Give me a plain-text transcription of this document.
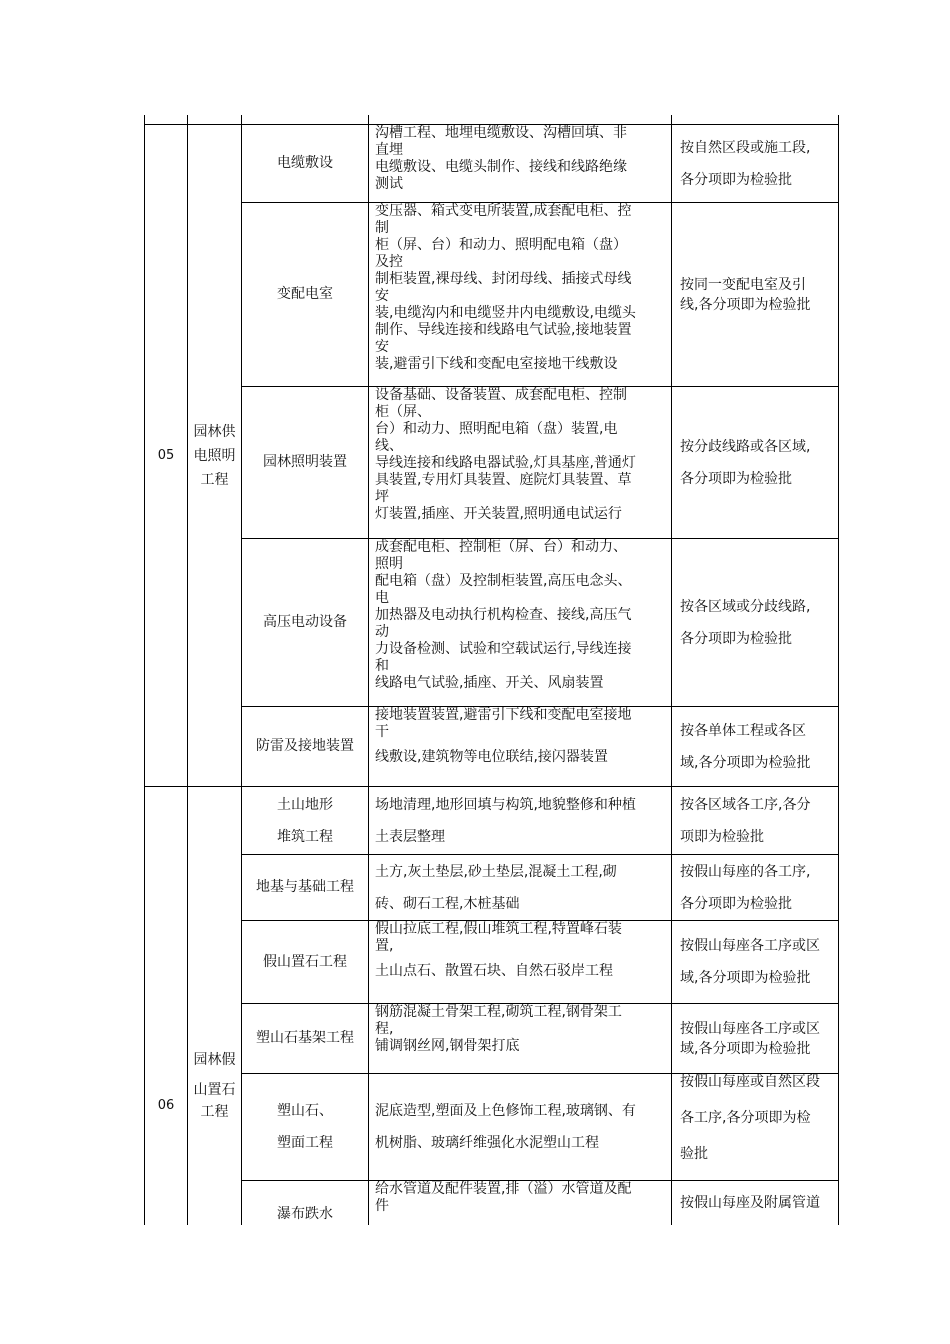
05
园林供
电照明
工程
电缆敷设
沟槽工程、地埋电缆敷设、沟槽回填、非
直埋
电缆敷设、电缆头制作、接线和线路绝缘
测试
按自然区段或施工段,
各分项即为检验批
变配电室
变压器、箱式变电所装置,成套配电柜、控
制
柜（屏、台）和动力、照明配电箱（盘）
及控
制柜装置,裸母线、封闭母线、插接式母线
安
装,电缆沟内和电缆竖井内电缆敷设,电缆头
制作、导线连接和线路电气试验,接地装置
安
装,避雷引下线和变配电室接地干线敷设
按同一变配电室及引
线,各分项即为检验批
园林照明装置
设备基础、设备装置、成套配电柜、控制
柜（屏、
台）和动力、照明配电箱（盘）装置,电
线、
导线连接和线路电器试验,灯具基座,普通灯
具装置,专用灯具装置、庭院灯具装置、草
坪
灯装置,插座、开关装置,照明通电试运行
按分歧线路或各区域,
各分项即为检验批
高压电动设备
成套配电柜、控制柜（屏、台）和动力、
照明
配电箱（盘）及控制柜装置,高压电念头、
电
加热器及电动执行机构检查、接线,高压气
动
力设备检测、试验和空载试运行,导线连接
和
线路电气试验,插座、开关、风扇装置
按各区域或分歧线路,
各分项即为检验批
防雷及接地装置
接地装置装置,避雷引下线和变配电室接地
干
线敷设,建筑物等电位联结,接闪器装置
按各单体工程或各区
域,各分项即为检验批
06
园林假
山置石
工程
土山地形
堆筑工程
场地清理,地形回填与构筑,地貌整修和种植
土表层整理
按各区域各工序,各分
项即为检验批
地基与基础工程
土方,灰土垫层,砂土垫层,混凝土工程,砌
砖、砌石工程,木桩基础
按假山每座的各工序,
各分项即为检验批
假山置石工程
假山拉底工程,假山堆筑工程,特置峰石装
置,
土山点石、散置石块、自然石驳岸工程
按假山每座各工序或区
域,各分项即为检验批
塑山石基架工程
钢筋混凝土骨架工程,砌筑工程,钢骨架工
程,
铺调钢丝网,钢骨架打底
按假山每座各工序或区
域,各分项即为检验批
塑山石、
塑面工程
泥底造型,塑面及上色修饰工程,玻璃钢、有
机树脂、玻璃纤维强化水泥塑山工程
按假山每座或自然区段
各工序,各分项即为检
验批
瀑布跌水
给水管道及配件装置,排（溢）水管道及配
件	按假山每座及附属管道
